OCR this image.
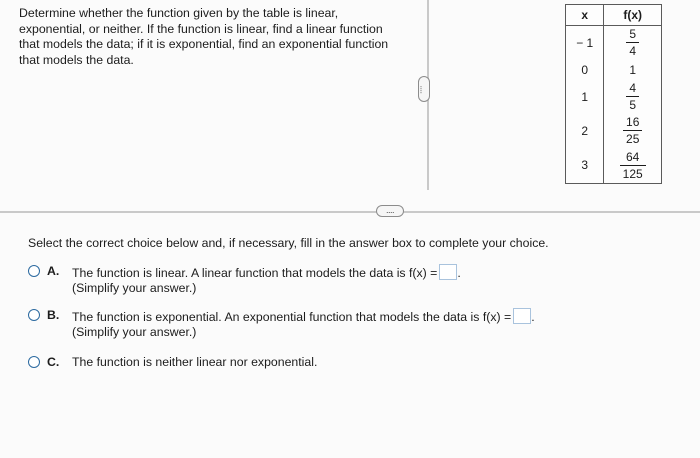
Determine whether the function given by the table is linear,
exponential, or neither. If the function is linear, find a linear function
that models the data; if it is exponential, find an exponential function
that models the data.
....
x	f(x)
− 1	$\frac{5}{4}$

0	1
1	$\frac{4}{5}$

2	$\frac{16}{25}$

3	$\frac{64}{125}$
....
Select the correct choice below and, if necessary, fill in the answer box to complete your choice.
A. The function is linear. A linear function that models the data is f(x) = .
(Simplify your answer.)
B. The function is exponential. An exponential function that models the data is f(x) = .
(Simplify your answer.)
C. The function is neither linear nor exponential.
